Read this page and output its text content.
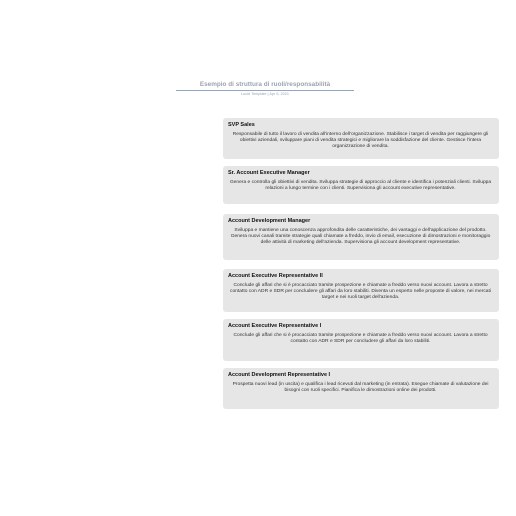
Esempio di struttura di ruoli/responsabilità
Lucid Template | Apr 6, 2021
SVP Sales
Responsabile di tutto il lavoro di vendita all'interno dell'organizzazione. Stabilisce i target di vendita per raggiungere gli obiettivi aziendali, sviluppare piani di vendita strategici e migliorare la soddisfazione del cliente. Gestisce l'intera organizzazione di vendita.
Sr. Account Executive Manager
Genera e controlla gli obiettivi di vendita. Sviluppa strategie di approccio al cliente e identifica i potenziali clienti. Sviluppa relazioni a lungo termine con i clienti. Supervisiona gli account executive representative.
Account Development Manager
Sviluppa e mantiene una conoscenza approfondita delle caratteristiche, dei vantaggi e dell'applicazione del prodotto. Genera nuovi canali tramite strategie quali chiamate a freddo, invio di email, esecuzione di dimostrazioni e monitoraggio delle attività di marketing dell'azienda. Supervisiona gli account development representative.
Account Executive Representative II
Conclude gli affari che si è procacciato tramite prospezione e chiamate a freddo verso nuovi account. Lavora a stretto contatto con ADR e SDR per concludere gli affari da loro stabiliti. Diventa un esperto nelle proposte di valore, nei mercati target e nei ruoli target dell'azienda.
Account Executive Representative I
Conclude gli affari che si è procacciato tramite prospezione e chiamate a freddo verso nuovi account. Lavora a stretto contatto con ADR e SDR per concludere gli affari da loro stabiliti.
Account Development Representative I
Prospetta nuovi lead (in uscita) e qualifica i lead ricevuti dal marketing (in entrata). Esegue chiamate di valutazione dei bisogni con ruoli specifici. Pianifica le dimostrazioni online dei prodotti.
